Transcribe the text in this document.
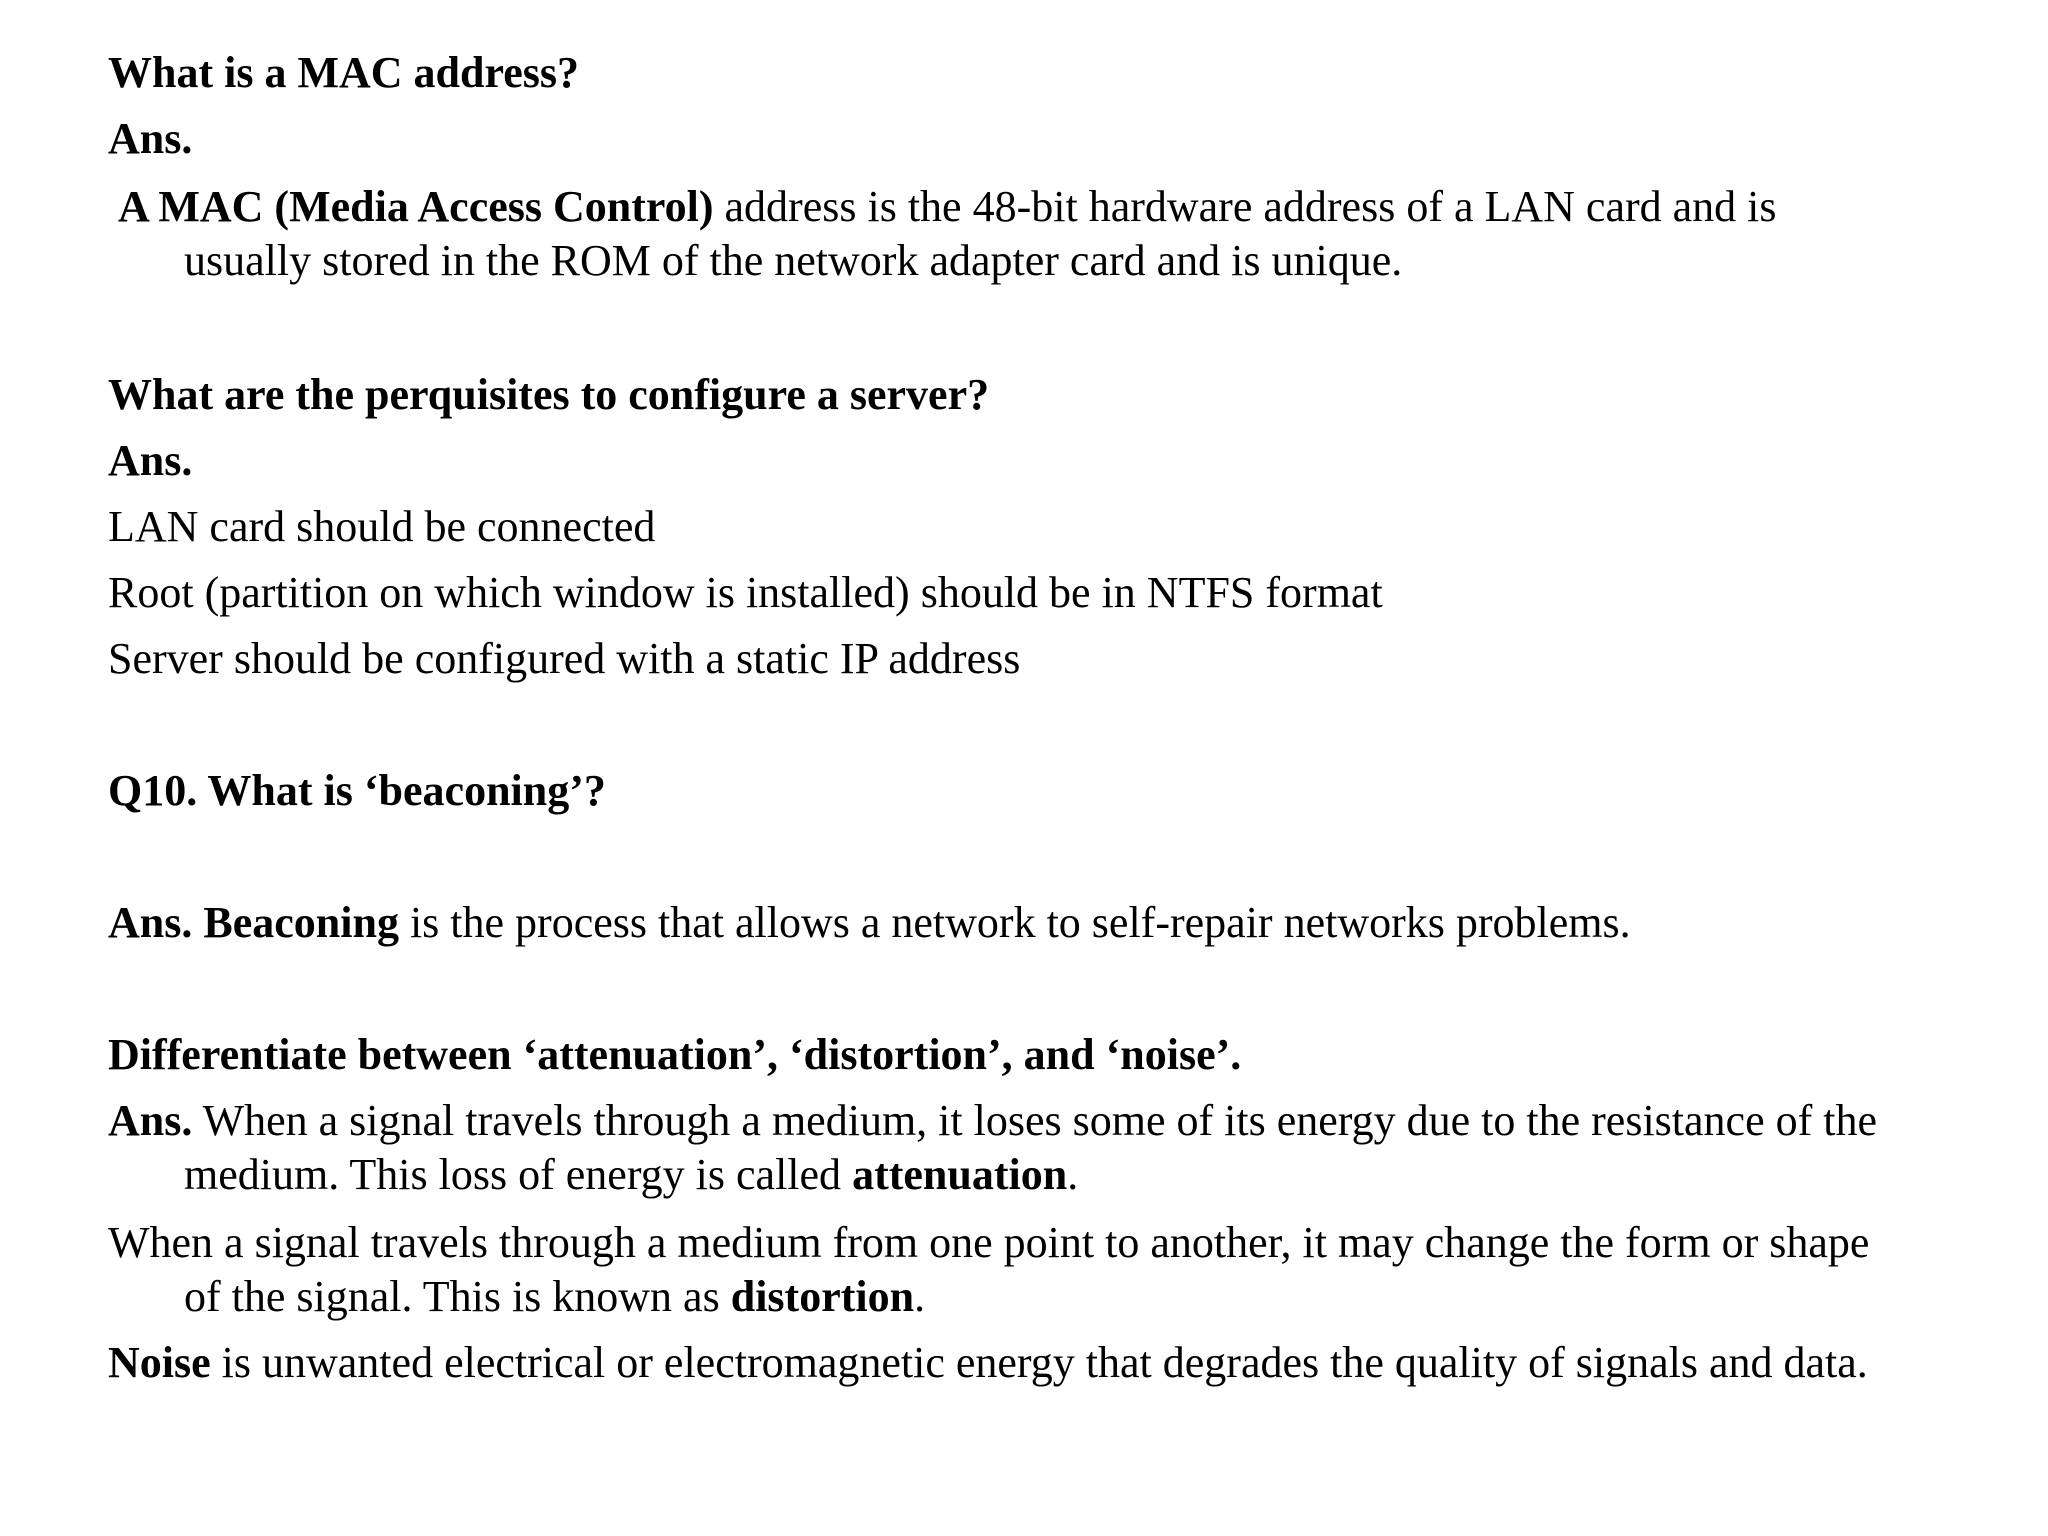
What is a MAC address?
Ans.
A MAC (Media Access Control) address is the 48-bit hardware address of a LAN card and is
usually stored in the ROM of the network adapter card and is unique.
What are the perquisites to configure a server?
Ans.
LAN card should be connected
Root (partition on which window is installed) should be in NTFS format
Server should be configured with a static IP address
Q10. What is ‘beaconing’?
Ans. Beaconing is the process that allows a network to self-repair networks problems.
Differentiate between ‘attenuation’, ‘distortion’, and ‘noise’.
Ans. When a signal travels through a medium, it loses some of its energy due to the resistance of the
medium. This loss of energy is called attenuation.
When a signal travels through a medium from one point to another, it may change the form or shape
of the signal. This is known as distortion.
Noise is unwanted electrical or electromagnetic energy that degrades the quality of signals and data.
